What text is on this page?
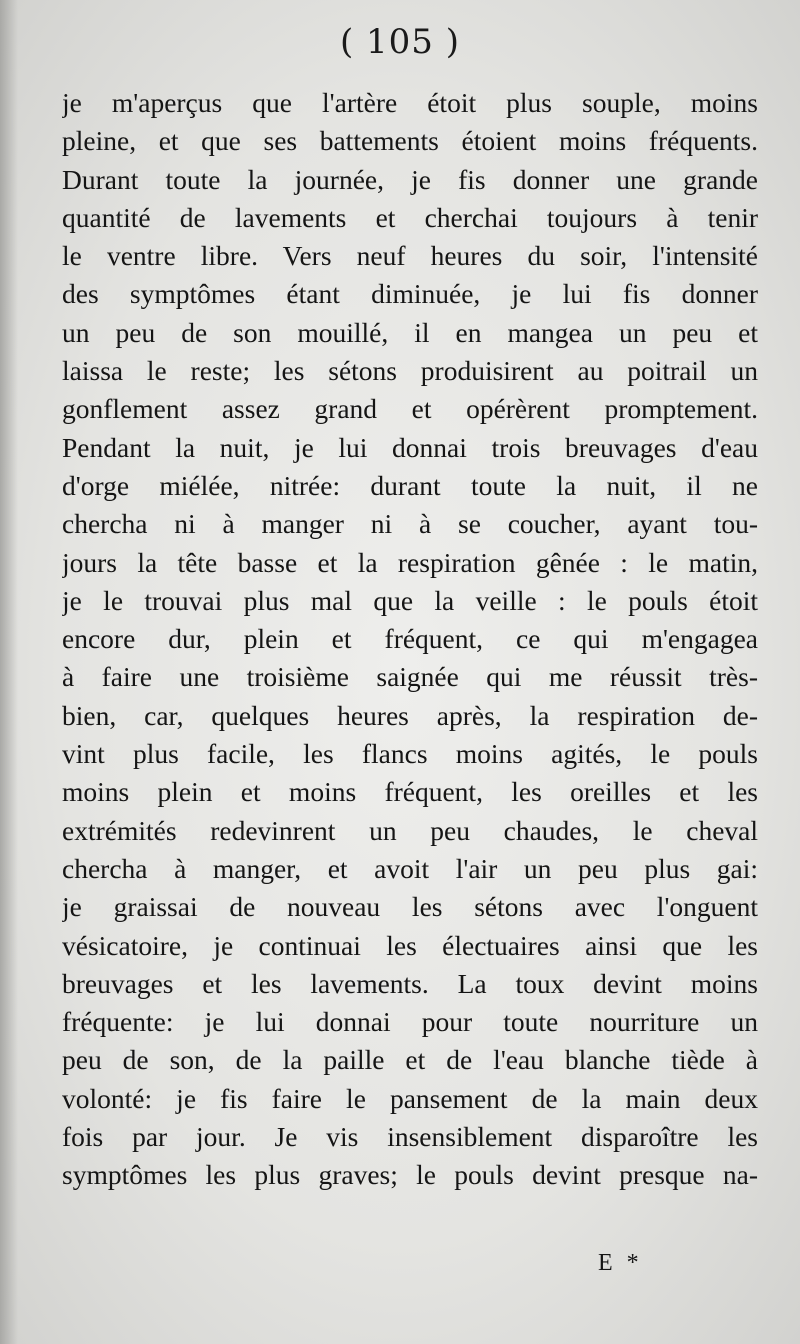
( 105 )
je m'aperçus que l'artère étoit plus souple, moins
pleine, et que ses battements étoient moins fréquents.
Durant toute la journée, je fis donner une grande
quantité de lavements et cherchai toujours à tenir
le ventre libre. Vers neuf heures du soir, l'intensité
des symptômes étant diminuée, je lui fis donner
un peu de son mouillé, il en mangea un peu et
laissa le reste; les sétons produisirent au poitrail un
gonflement assez grand et opérèrent promptement.
Pendant la nuit, je lui donnai trois breuvages d'eau
d'orge miélée, nitrée: durant toute la nuit, il ne
chercha ni à manger ni à se coucher, ayant tou-
jours la tête basse et la respiration gênée : le matin,
je le trouvai plus mal que la veille : le pouls étoit
encore dur, plein et fréquent, ce qui m'engagea
à faire une troisième saignée qui me réussit très-
bien, car, quelques heures après, la respiration de-
vint plus facile, les flancs moins agités, le pouls
moins plein et moins fréquent, les oreilles et les
extrémités redevinrent un peu chaudes, le cheval
chercha à manger, et avoit l'air un peu plus gai:
je graissai de nouveau les sétons avec l'onguent
vésicatoire, je continuai les électuaires ainsi que les
breuvages et les lavements. La toux devint moins
fréquente: je lui donnai pour toute nourriture un
peu de son, de la paille et de l'eau blanche tiède à
volonté: je fis faire le pansement de la main deux
fois par jour. Je vis insensiblement disparoître les
symptômes les plus graves; le pouls devint presque na-
E *
